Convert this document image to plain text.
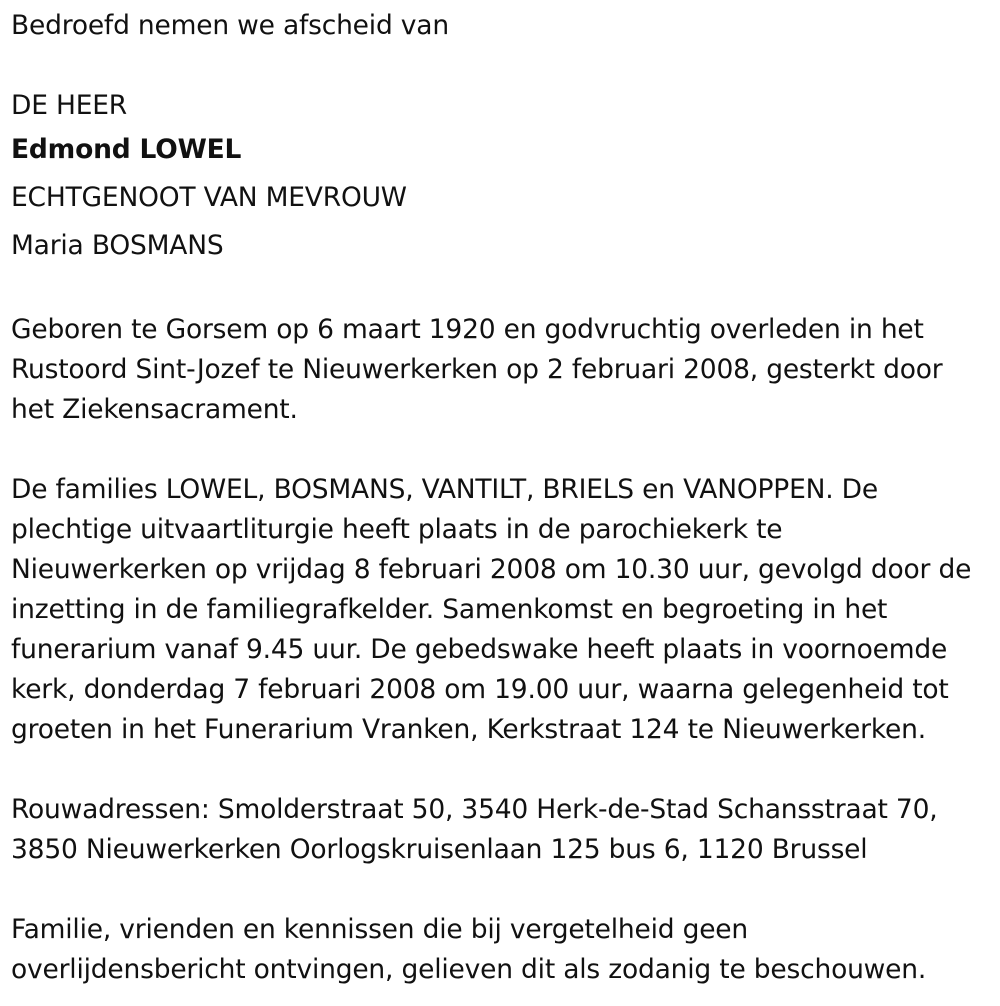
Bedroefd nemen we afscheid van
DE HEER
Edmond LOWEL
ECHTGENOOT VAN MEVROUW
Maria BOSMANS

Geboren te Gorsem op 6 maart 1920 en godvruchtig overleden in het
Rustoord Sint-Jozef te Nieuwerkerken op 2 februari 2008, gesterkt door
het Ziekensacrament.

De families LOWEL, BOSMANS, VANTILT, BRIELS en VANOPPEN. De
plechtige uitvaartliturgie heeft plaats in de parochiekerk te
Nieuwerkerken op vrijdag 8 februari 2008 om 10.30 uur, gevolgd door de
inzetting in de familiegrafkelder. Samenkomst en begroeting in het
funerarium vanaf 9.45 uur. De gebedswake heeft plaats in voornoemde
kerk, donderdag 7 februari 2008 om 19.00 uur, waarna gelegenheid tot
groeten in het Funerarium Vranken, Kerkstraat 124 te Nieuwerkerken.

Rouwadressen: Smolderstraat 50, 3540 Herk-de-Stad Schansstraat 70,
3850 Nieuwerkerken Oorlogskruisenlaan 125 bus 6, 1120 Brussel

Familie, vrienden en kennissen die bij vergetelheid geen
overlijdensbericht ontvingen, gelieven dit als zodanig te beschouwen.
